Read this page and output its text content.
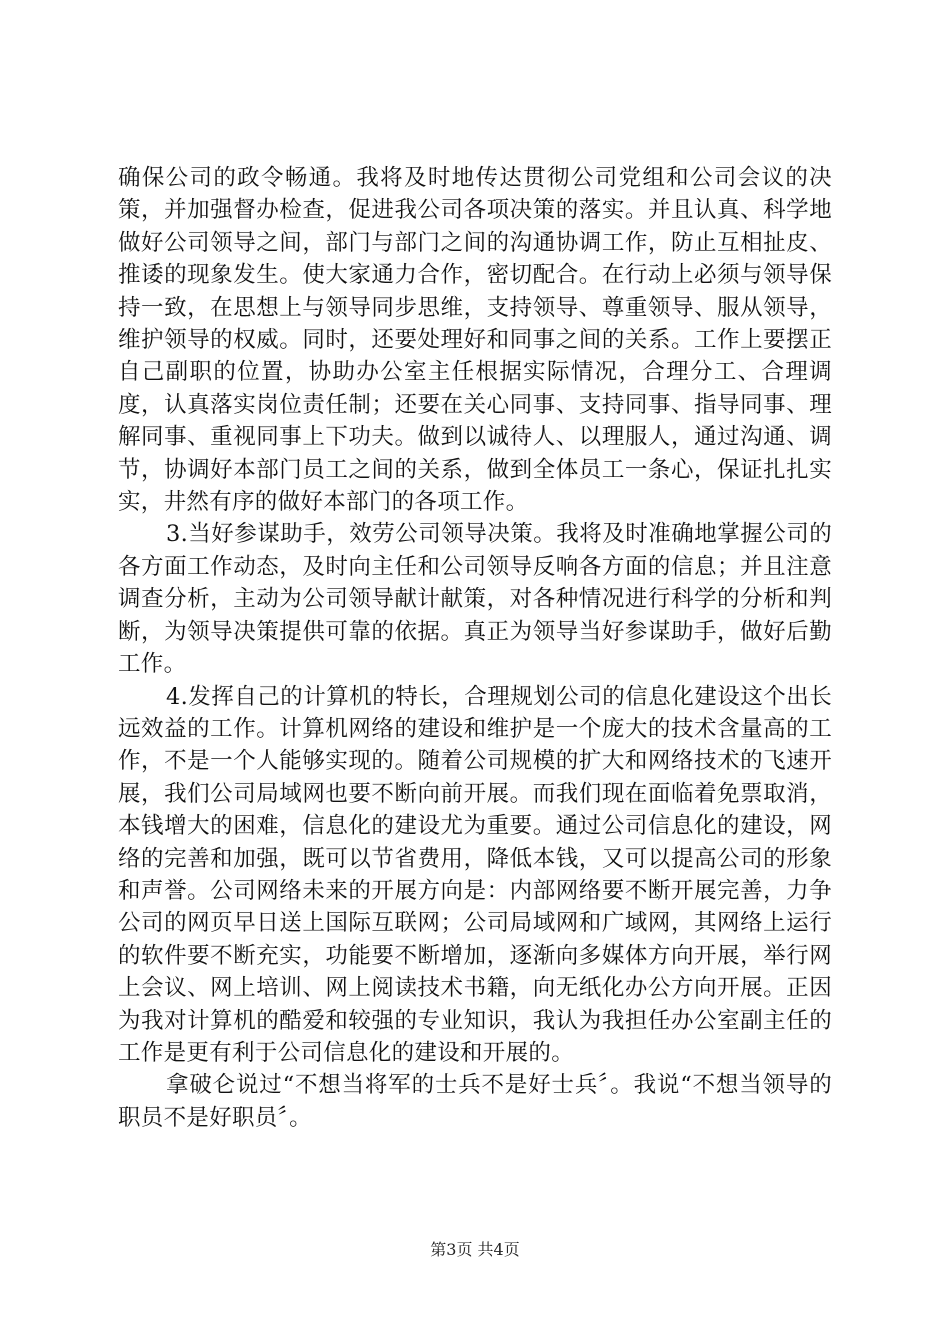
确保公司的政令畅通。我将及时地传达贯彻公司党组和公司会议的决策，并加强督办检查，促进我公司各项决策的落实。并且认真、科学地做好公司领导之间，部门与部门之间的沟通协调工作，防止互相扯皮、推诿的现象发生。使大家通力合作，密切配合。在行动上必须与领导保持一致，在思想上与领导同步思维，支持领导、尊重领导、服从领导，维护领导的权威。同时，还要处理好和同事之间的关系。工作上要摆正自己副职的位置，协助办公室主任根据实际情况，合理分工、合理调度，认真落实岗位责任制；还要在关心同事、支持同事、指导同事、理解同事、重视同事上下功夫。做到以诚待人、以理服人，通过沟通、调节，协调好本部门员工之间的关系，做到全体员工一条心，保证扎扎实实，井然有序的做好本部门的各项工作。

3.当好参谋助手，效劳公司领导决策。我将及时准确地掌握公司的各方面工作动态，及时向主任和公司领导反响各方面的信息；并且注意调查分析，主动为公司领导献计献策，对各种情况进行科学的分析和判断，为领导决策提供可靠的依据。真正为领导当好参谋助手，做好后勤工作。

4.发挥自己的计算机的特长，合理规划公司的信息化建设这个出长远效益的工作。计算机网络的建设和维护是一个庞大的技术含量高的工作，不是一个人能够实现的。随着公司规模的扩大和网络技术的飞速开展，我们公司局域网也要不断向前开展。而我们现在面临着免票取消，本钱增大的困难，信息化的建设尤为重要。通过公司信息化的建设，网络的完善和加强，既可以节省费用，降低本钱，又可以提高公司的形象和声誉。公司网络未来的开展方向是：内部网络要不断开展完善，力争公司的网页早日送上国际互联网；公司局域网和广域网，其网络上运行的软件要不断充实，功能要不断增加，逐渐向多媒体方向开展，举行网上会议、网上培训、网上阅读技术书籍，向无纸化办公方向开展。正因为我对计算机的酷爱和较强的专业知识，我认为我担任办公室副主任的工作是更有利于公司信息化的建设和开展的。

拿破仑说过“不想当将军的士兵不是好士兵〞。我说“不想当领导的职员不是好职员〞。

第3页 共4页
